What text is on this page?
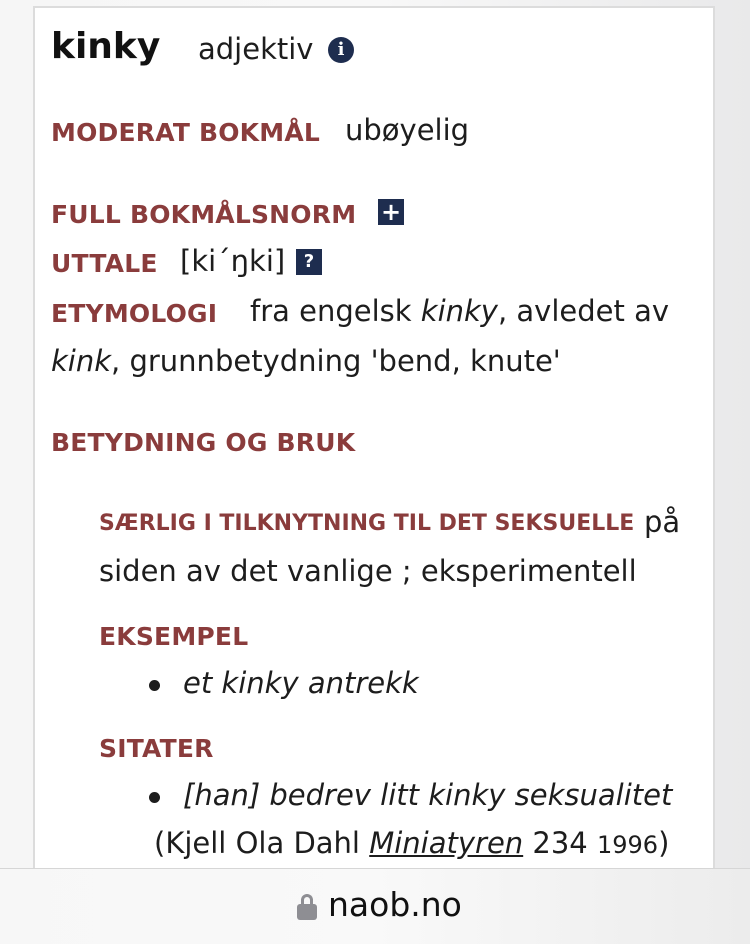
kinky adjektiv	i
MODERAT BOKMÅL ubøyelig
FULL BOKMÅLSNORM +
UTTALE [ki´ŋki]	?
ETYMOLOGI fra engelsk kinky, avledet av
kink, grunnbetydning 'bend, knute'
BETYDNING OG BRUK
SÆRLIG I TILKNYTNING TIL DET SEKSUELLE på
siden av det vanlige ; eksperimentell
EKSEMPEL
et kinky antrekk
SITATER
[han] bedrev litt kinky seksualitet
(Kjell Ola Dahl Miniatyren 234 1996)
naob.no
